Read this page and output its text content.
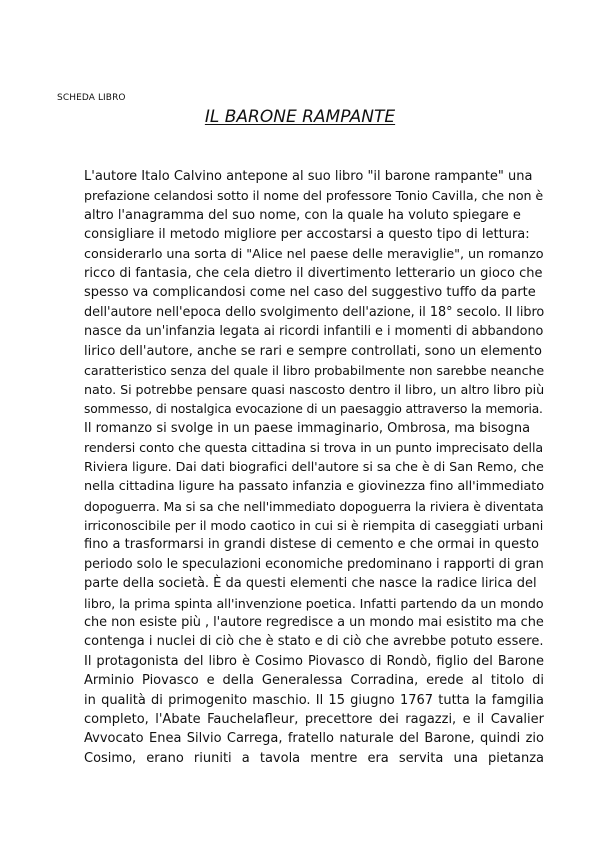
SCHEDA LIBRO
IL BARONE RAMPANTE
L'autore Italo Calvino antepone al suo libro "il barone rampante" una
prefazione celandosi sotto il nome del professore Tonio Cavilla, che non è
altro l'anagramma del suo nome, con la quale ha voluto spiegare e
consigliare il metodo migliore per accostarsi a questo tipo di lettura:
considerarlo una sorta di "Alice nel paese delle meraviglie", un romanzo
ricco di fantasia, che cela dietro il divertimento letterario un gioco che
spesso va complicandosi come nel caso del suggestivo tuffo da parte
dell'autore nell'epoca dello svolgimento dell'azione, il 18° secolo. Il libro
nasce da un'infanzia legata ai ricordi infantili e i momenti di abbandono
lirico dell'autore, anche se rari e sempre controllati, sono un elemento
caratteristico senza del quale il libro probabilmente non sarebbe neanche
nato. Si potrebbe pensare quasi nascosto dentro il libro, un altro libro più
sommesso, di nostalgica evocazione di un paesaggio attraverso la memoria.
Il romanzo si svolge in un paese immaginario, Ombrosa, ma bisogna
rendersi conto che questa cittadina si trova in un punto imprecisato della
Riviera ligure. Dai dati biografici dell'autore si sa che è di San Remo, che
nella cittadina ligure ha passato infanzia e giovinezza fino all'immediato
dopoguerra. Ma si sa che nell'immediato dopoguerra la riviera è diventata
irriconoscibile per il modo caotico in cui si è riempita di caseggiati urbani
fino a trasformarsi in grandi distese di cemento e che ormai in questo
periodo solo le speculazioni economiche predominano i rapporti di gran
parte della società. È da questi elementi che nasce la radice lirica del
libro, la prima spinta all'invenzione poetica. Infatti partendo da un mondo
che non esiste più , l'autore regredisce a un mondo mai esistito ma che
contenga i nuclei di ciò che è stato e di ciò che avrebbe potuto essere.
Il protagonista del libro è Cosimo Piovasco di Rondò, figlio del Barone
Arminio Piovasco e della Generalessa Corradina, erede al titolo di
in qualità di primogenito maschio. Il 15 giugno 1767 tutta la famgilia
completo, l'Abate Fauchelafleur, precettore dei ragazzi, e il Cavalier
Avvocato Enea Silvio Carrega, fratello naturale del Barone, quindi zio
Cosimo, erano riuniti a tavola mentre era servita una pietanza
